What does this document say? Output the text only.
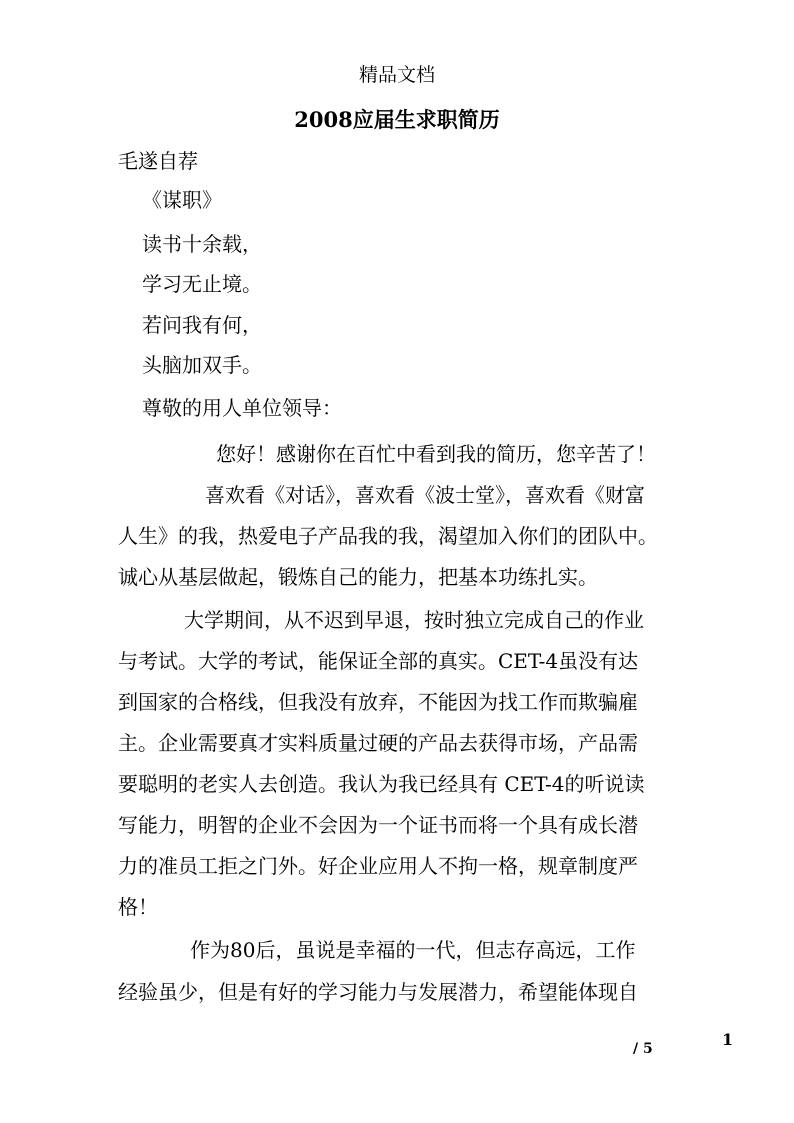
精品文档
2008应届生求职简历
毛遂自荐
《谋职》
读书十余载，
学习无止境。
若问我有何，
头脑加双手。
尊敬的用人单位领导：
您好！感谢你在百忙中看到我的简历，您辛苦了！
喜欢看《对话》，喜欢看《波士堂》，喜欢看《财富
人生》的我，热爱电子产品我的我，渴望加入你们的团队中。
诚心从基层做起，锻炼自己的能力，把基本功练扎实。
大学期间，从不迟到早退，按时独立完成自己的作业
与考试。大学的考试，能保证全部的真实。CET-4虽没有达
到国家的合格线，但我没有放弃，不能因为找工作而欺骗雇
主。企业需要真才实料质量过硬的产品去获得市场，产品需
要聪明的老实人去创造。我认为我已经具有 CET-4的听说读
写能力，明智的企业不会因为一个证书而将一个具有成长潜
力的准员工拒之门外。好企业应用人不拘一格，规章制度严
格！
作为80后，虽说是幸福的一代，但志存高远，工作
经验虽少，但是有好的学习能力与发展潜力，希望能体现自
1
/ 5
